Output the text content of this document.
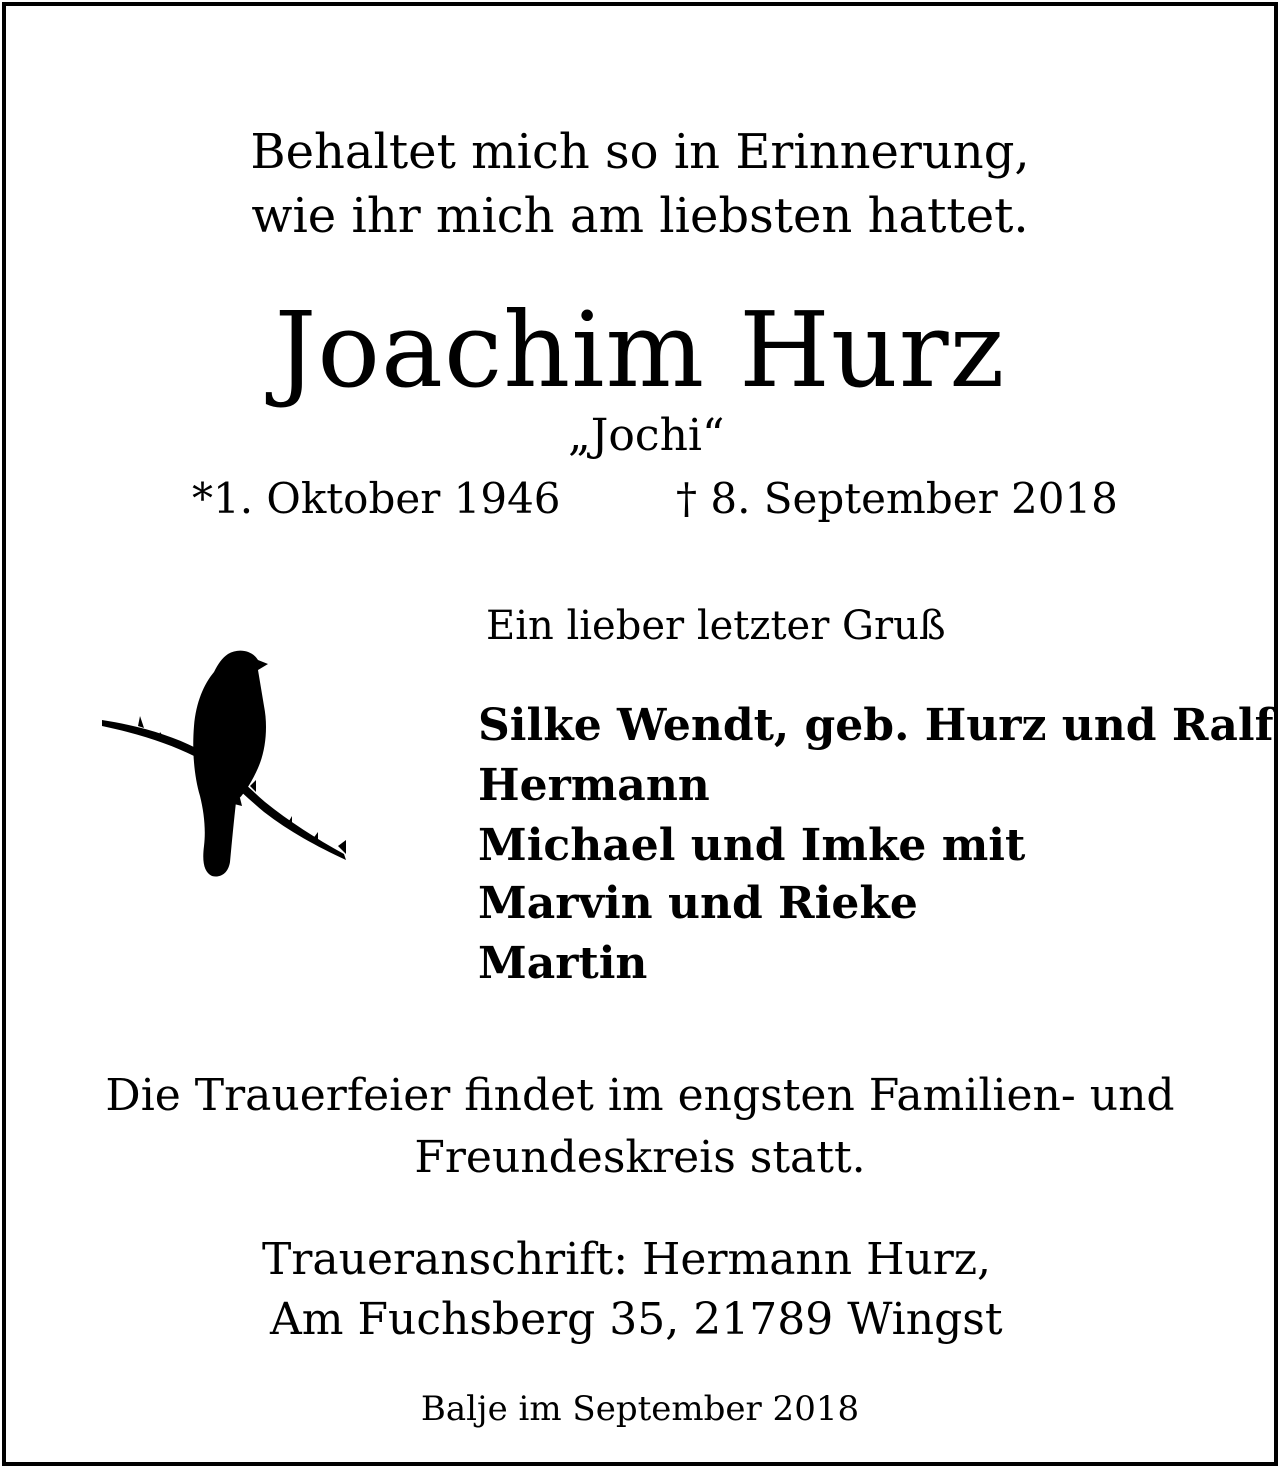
Behaltet mich so in Erinnerung,
wie ihr mich am liebsten hattet.
Joachim Hurz
„Jochi“
*1. Oktober 1946	† 8. September 2018
Ein lieber letzter Gruß
Silke Wendt, geb. Hurz und Ralf
Hermann
Michael und Imke mit
Marvin und Rieke
Martin
Die Trauerfeier findet im engsten Familien- und
Freundeskreis statt.
Traueranschrift: Hermann Hurz,
Am Fuchsberg 35, 21789 Wingst
Balje im September 2018
